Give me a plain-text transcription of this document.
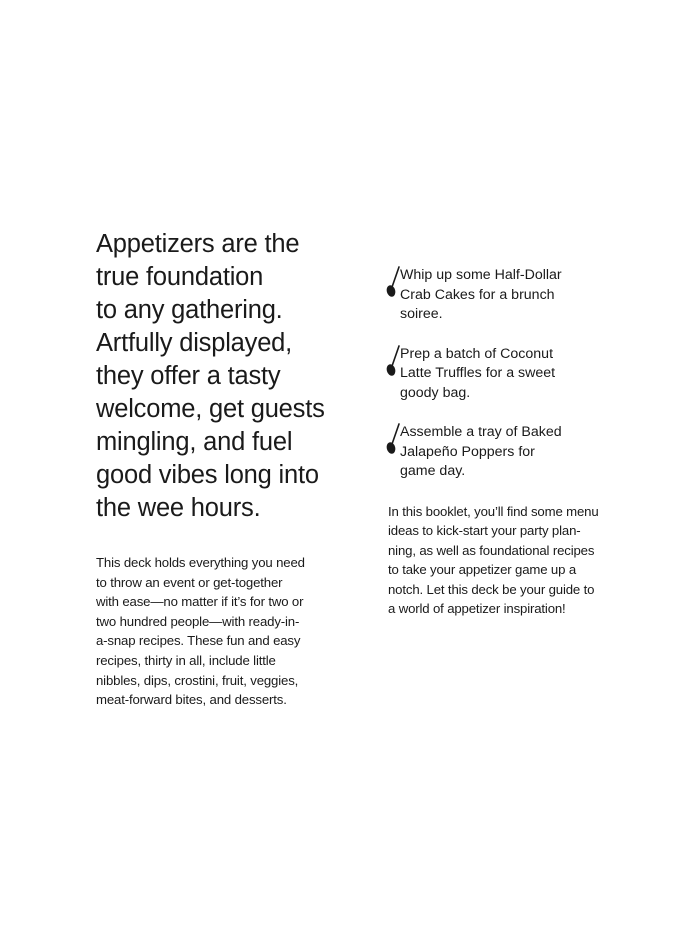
Appetizers are the
true foundation
to any gathering.
Artfully displayed,
they offer a tasty
welcome, get guests
mingling, and fuel
good vibes long into
the wee hours.

This deck holds everything you need
to throw an event or get-together
with ease—no matter if it’s for two or
two hundred people—with ready-in-
a-snap recipes. These fun and easy
recipes, thirty in all, include little
nibbles, dips, crostini, fruit, veggies,
meat-forward bites, and desserts.

Whip up some Half-Dollar
Crab Cakes for a brunch
soiree.
Prep a batch of Coconut
Latte Truffles for a sweet
goody bag.
Assemble a tray of Baked
Jalapeño Poppers for
game day.

In this booklet, you’ll find some menu
ideas to kick-start your party plan-
ning, as well as foundational recipes
to take your appetizer game up a
notch. Let this deck be your guide to
a world of appetizer inspiration!
